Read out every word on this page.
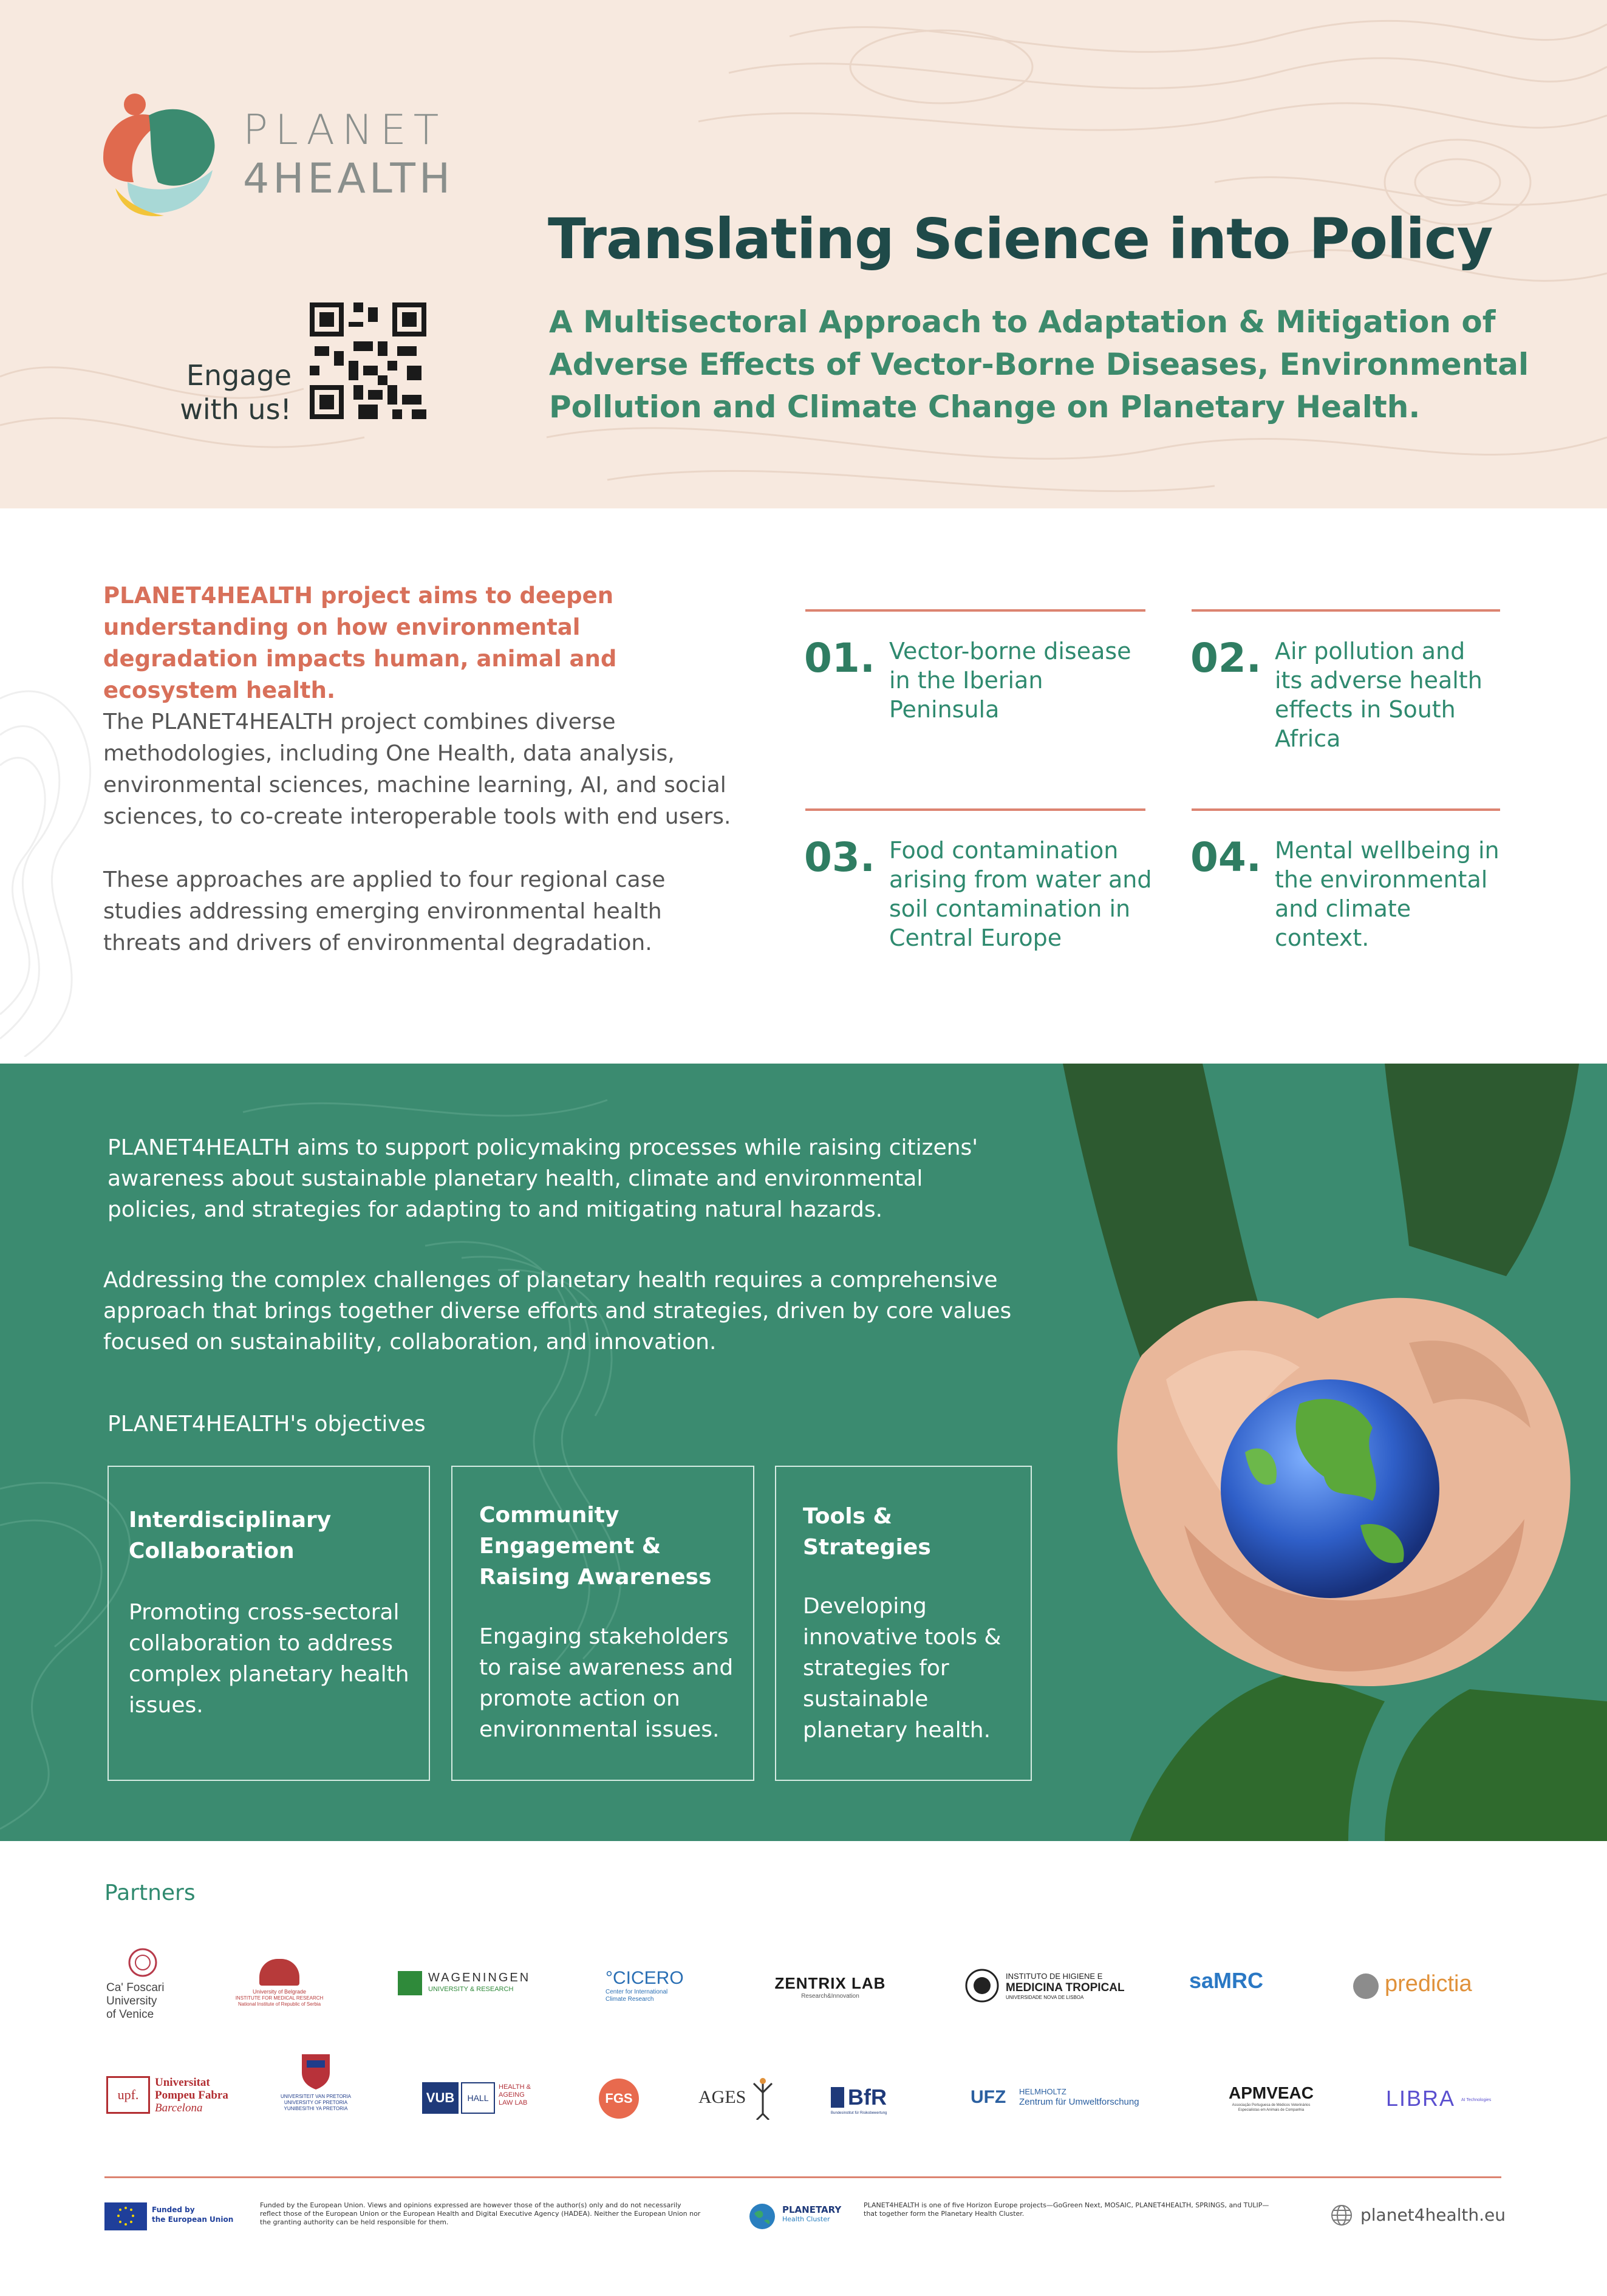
PLANET
4HEALTH
Engage
with us!
Translating Science into Policy
A Multisectoral Approach to Adaptation & Mitigation of
Adverse Effects of Vector-Borne Diseases, Environmental
Pollution and Climate Change on Planetary Health.
PLANET4HEALTH project aims to deepen understanding on how environmental degradation impacts human, animal and ecosystem health.
The PLANET4HEALTH project combines diverse methodologies, including One Health, data analysis, environmental sciences, machine learning, AI, and social sciences, to co-create interoperable tools with end users.
These approaches are applied to four regional case studies addressing emerging environmental health threats and drivers of environmental degradation.
01. Vector-borne disease in the Iberian Peninsula
02. Air pollution and its adverse health effects in South Africa
03. Food contamination arising from water and soil contamination in Central Europe
04. Mental wellbeing in the environmental and climate context.
PLANET4HEALTH aims to support policymaking processes while raising citizens' awareness about sustainable planetary health, climate and environmental policies, and strategies for adapting to and mitigating natural hazards.
Addressing the complex challenges of planetary health requires a comprehensive approach that brings together diverse efforts and strategies, driven by core values focused on sustainability, collaboration, and innovation.
PLANET4HEALTH's objectives
Interdisciplinary Collaboration
Promoting cross-sectoral collaboration to address complex planetary health issues.
Community Engagement & Raising Awareness
Engaging stakeholders to raise awareness and promote action on environmental issues.
Tools & Strategies
Developing innovative tools & strategies for sustainable planetary health.
Partners
Ca' Foscari
University
of Venice
University of Belgrade
INSTITUTE FOR MEDICAL RESEARCH
National Institute of Republic of Serbia
WAGENINGEN
UNIVERSITY & RESEARCH
°CICERO
Center for International
Climate Research
ZENTRIX LAB
Research&Innovation
INSTITUTO DE HIGIENE E
MEDICINA TROPICAL
UNIVERSIDADE NOVA DE LISBOA
saMRC	predictia
upf.
Universitat
Pompeu Fabra
Barcelona
UNIVERSITEIT VAN PRETORIA
UNIVERSITY OF PRETORIA
YUNIBESITHI YA PRETORIA
VUB	HALL
HEALTH &
AGEING
LAW LAB	FGS	AGES	BfR
Bundesinstitut für Risikobewertung
UFZ HELMHOLTZ
Zentrum für Umweltforschung	APMVEAC
Associação Portuguesa de Médicos Veterinários
Especialistas em Animais de Companhia	LIBRA AI Technologies
Funded by
the European Union
Funded by the European Union. Views and opinions expressed are however those of the author(s) only and do not necessarily reflect those of the European Union or the European Health and Digital Executive Agency (HADEA). Neither the European Union nor the granting authority can be held responsible for them.
PLANETARY
Health Cluster
PLANET4HEALTH is one of five Horizon Europe projects—GoGreen Next, MOSAIC, PLANET4HEALTH, SPRINGS, and TULIP—that together form the Planetary Health Cluster.	planet4health.eu
